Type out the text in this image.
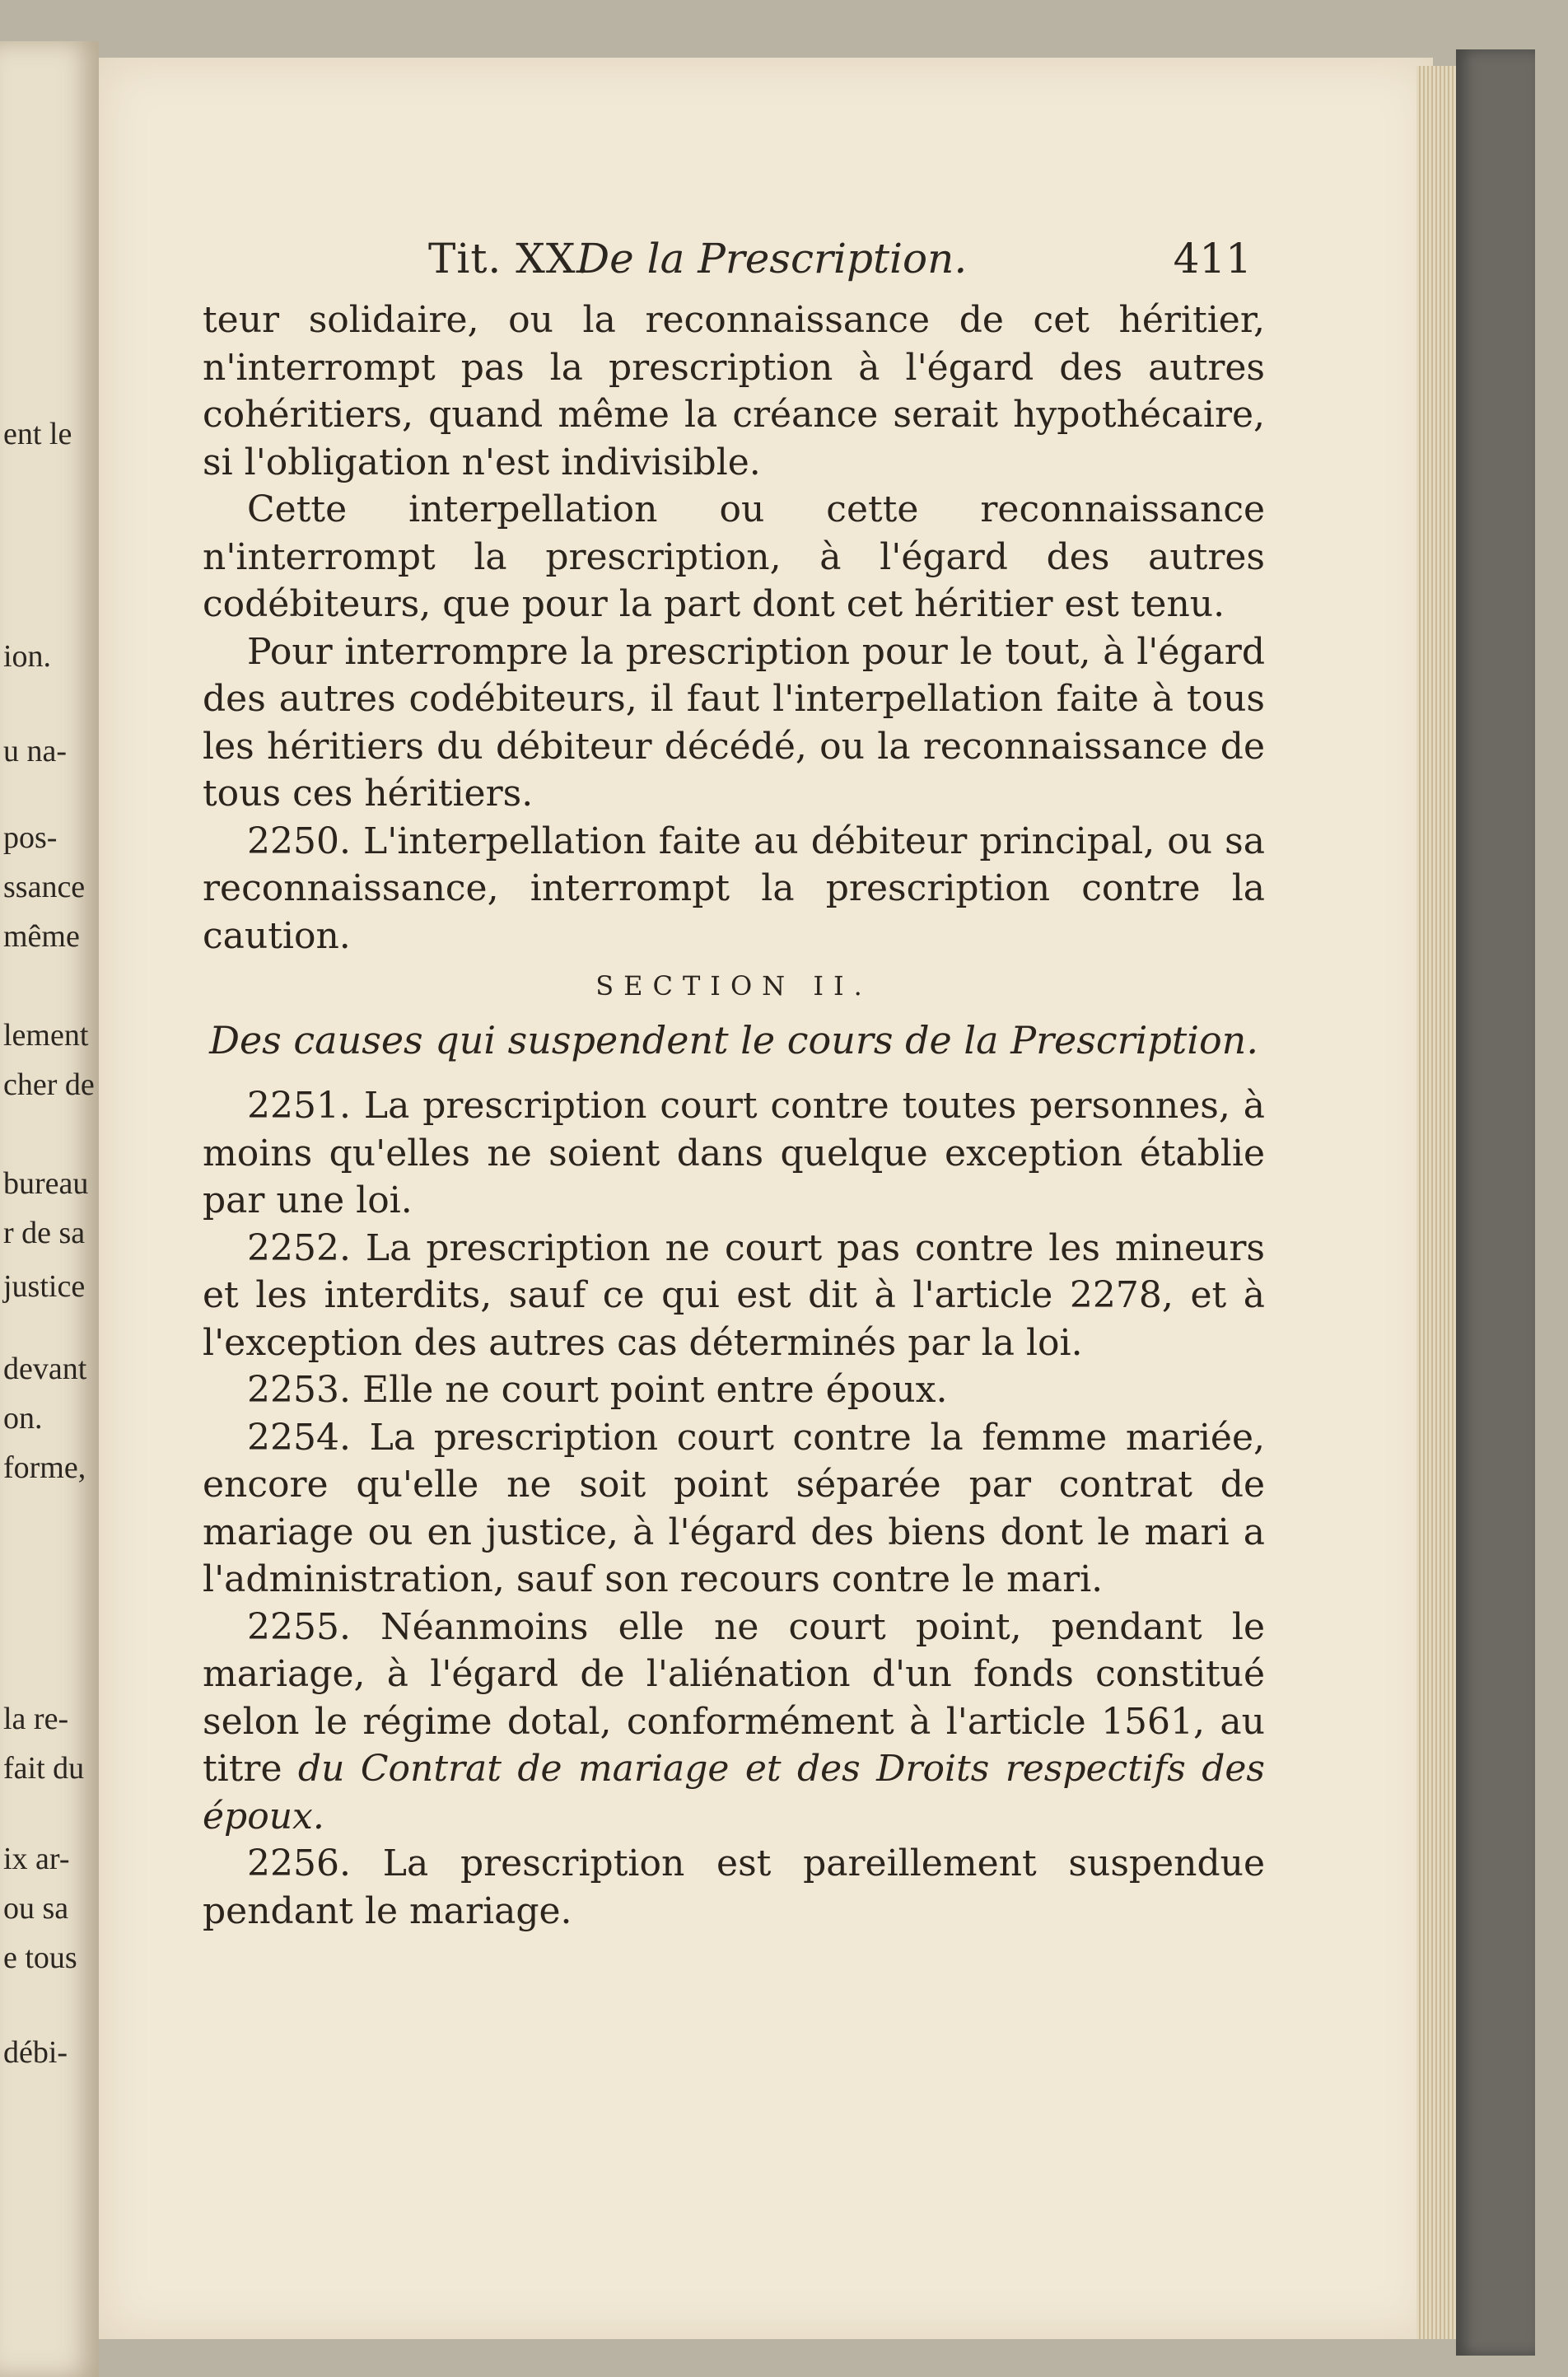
ent le
ion.
u na-
pos-
ssance
même
lement
cher de
bureau
r de sa
justice
devant
on.
forme,
la re-
fait du
ix ar-
ou sa
e tous
débi-
Tit. XX.
De la Prescription.	411

teur solidaire, ou la reconnaissance de cet héritier, n'interrompt pas la prescription à l'égard des autres cohéritiers, quand même la créance serait hypothécaire, si l'obligation n'est indivisible.

Cette interpellation ou cette reconnaissance n'interrompt la prescription, à l'égard des autres codébiteurs, que pour la part dont cet héritier est tenu.

Pour interrompre la prescription pour le tout, à l'égard des autres codébiteurs, il faut l'interpellation faite à tous les héritiers du débiteur décédé, ou la reconnaissance de tous ces héritiers.

2250. L'interpellation faite au débiteur principal, ou sa reconnaissance, interrompt la prescription contre la caution.

SECTION II.
Des causes qui suspendent le cours de la Prescription.

2251. La prescription court contre toutes personnes, à moins qu'elles ne soient dans quelque exception établie par une loi.

2252. La prescription ne court pas contre les mineurs et les interdits, sauf ce qui est dit à l'article 2278, et à l'exception des autres cas déterminés par la loi.

2253. Elle ne court point entre époux.

2254. La prescription court contre la femme mariée, encore qu'elle ne soit point séparée par contrat de mariage ou en justice, à l'égard des biens dont le mari a l'administration, sauf son recours contre le mari.

2255. Néanmoins elle ne court point, pendant le mariage, à l'égard de l'aliénation d'un fonds constitué selon le régime dotal, conformément à l'article 1561, au titre du Contrat de mariage et des Droits respectifs des époux.

2256. La prescription est pareillement suspendue pendant le mariage.
